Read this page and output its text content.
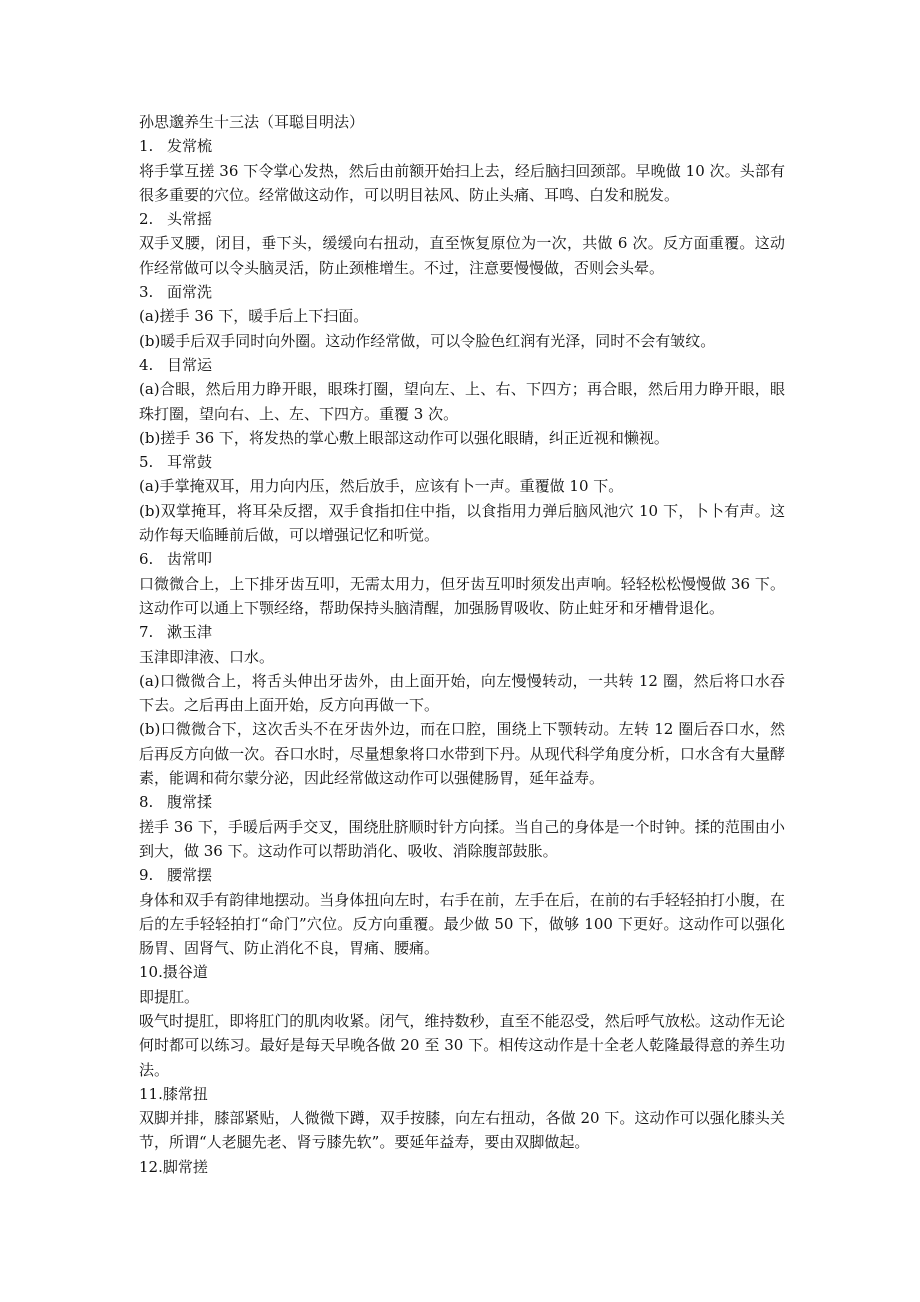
孙思邈养生十三法（耳聪目明法）

1. 发常梳

将手掌互搓 36 下令掌心发热，然后由前额开始扫上去，经后脑扫回颈部。早晚做 10 次。头部有很多重要的穴位。经常做这动作，可以明目祛风、防止头痛、耳鸣、白发和脱发。

2. 头常摇

双手叉腰，闭目，垂下头，缓缓向右扭动，直至恢复原位为一次，共做 6 次。反方面重覆。这动作经常做可以令头脑灵活，防止颈椎增生。不过，注意要慢慢做，否则会头晕。

3. 面常洗

(a)搓手 36 下，暖手后上下扫面。

(b)暖手后双手同时向外圈。这动作经常做，可以令脸色红润有光泽，同时不会有皱纹。

4. 目常运

(a)合眼，然后用力睁开眼，眼珠打圈，望向左、上、右、下四方；再合眼，然后用力睁开眼，眼珠打圈，望向右、上、左、下四方。重覆 3 次。

(b)搓手 36 下，将发热的掌心敷上眼部这动作可以强化眼睛，纠正近视和懒视。

5. 耳常鼓

(a)手掌掩双耳，用力向内压，然后放手，应该有卜一声。重覆做 10 下。

(b)双掌掩耳，将耳朵反摺，双手食指扣住中指，以食指用力弹后脑风池穴 10 下，卜卜有声。这动作每天临睡前后做，可以增强记忆和听觉。

6. 齿常叩

口微微合上，上下排牙齿互叩，无需太用力，但牙齿互叩时须发出声响。轻轻松松慢慢做 36 下。这动作可以通上下颚经络，帮助保持头脑清醒，加强肠胃吸收、防止蛀牙和牙槽骨退化。

7. 漱玉津

玉津即津液、口水。

(a)口微微合上，将舌头伸出牙齿外，由上面开始，向左慢慢转动，一共转 12 圈，然后将口水吞下去。之后再由上面开始，反方向再做一下。

(b)口微微合下，这次舌头不在牙齿外边，而在口腔，围绕上下颚转动。左转 12 圈后吞口水，然后再反方向做一次。吞口水时，尽量想象将口水带到下丹。从现代科学角度分析，口水含有大量酵素，能调和荷尔蒙分泌，因此经常做这动作可以强健肠胃，延年益寿。

8. 腹常揉

搓手 36 下，手暖后两手交叉，围绕肚脐顺时针方向揉。当自己的身体是一个时钟。揉的范围由小到大，做 36 下。这动作可以帮助消化、吸收、消除腹部鼓胀。

9. 腰常摆

身体和双手有韵律地摆动。当身体扭向左时，右手在前，左手在后，在前的右手轻轻拍打小腹，在后的左手轻轻拍打“命门”穴位。反方向重覆。最少做 50 下，做够 100 下更好。这动作可以强化肠胃、固肾气、防止消化不良，胃痛、腰痛。

10.摄谷道

即提肛。

吸气时提肛，即将肛门的肌肉收紧。闭气，维持数秒，直至不能忍受，然后呼气放松。这动作无论何时都可以练习。最好是每天早晚各做 20 至 30 下。相传这动作是十全老人乾隆最得意的养生功法。

11.膝常扭

双脚并排，膝部紧贴，人微微下蹲，双手按膝，向左右扭动，各做 20 下。这动作可以强化膝头关节，所谓“人老腿先老、肾亏膝先软”。要延年益寿，要由双脚做起。

12.脚常搓
